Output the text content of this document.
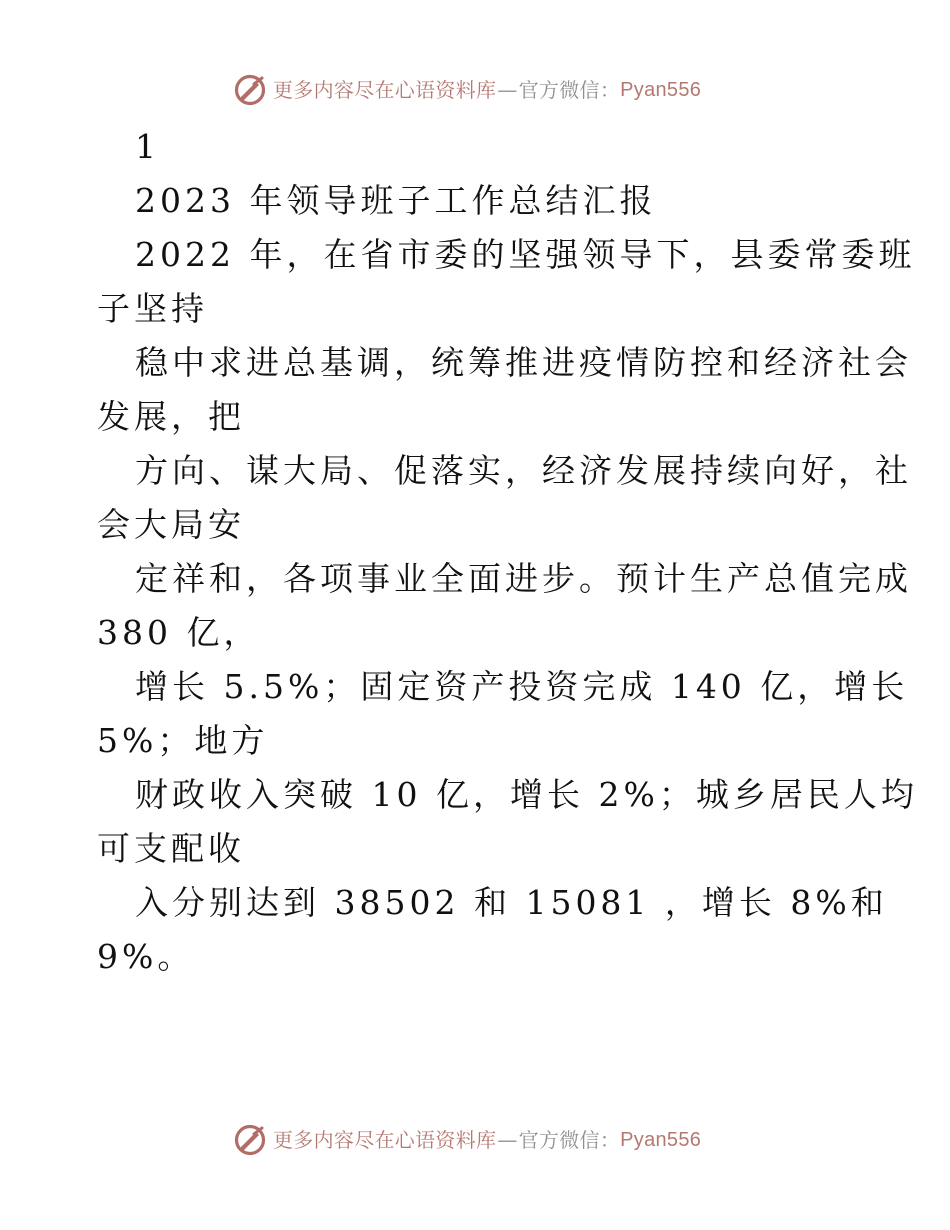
更多内容尽在心语资料库 — 官方微信： Pyan556

1

2023 年领导班子工作总结汇报

2022 年，在省市委的坚强领导下，县委常委班

子坚持

稳中求进总基调，统筹推进疫情防控和经济社会

发展，把

方向、谋大局、促落实，经济发展持续向好，社

会大局安

定祥和，各项事业全面进步。预计生产总值完成

380 亿，

增长 5.5%；固定资产投资完成 140 亿，增长

5%；地方

财政收入突破 10 亿，增长 2%；城乡居民人均

可支配收

入分别达到 38502 和 15081 ，增长 8%和

9%。

更多内容尽在心语资料库 — 官方微信： Pyan556
